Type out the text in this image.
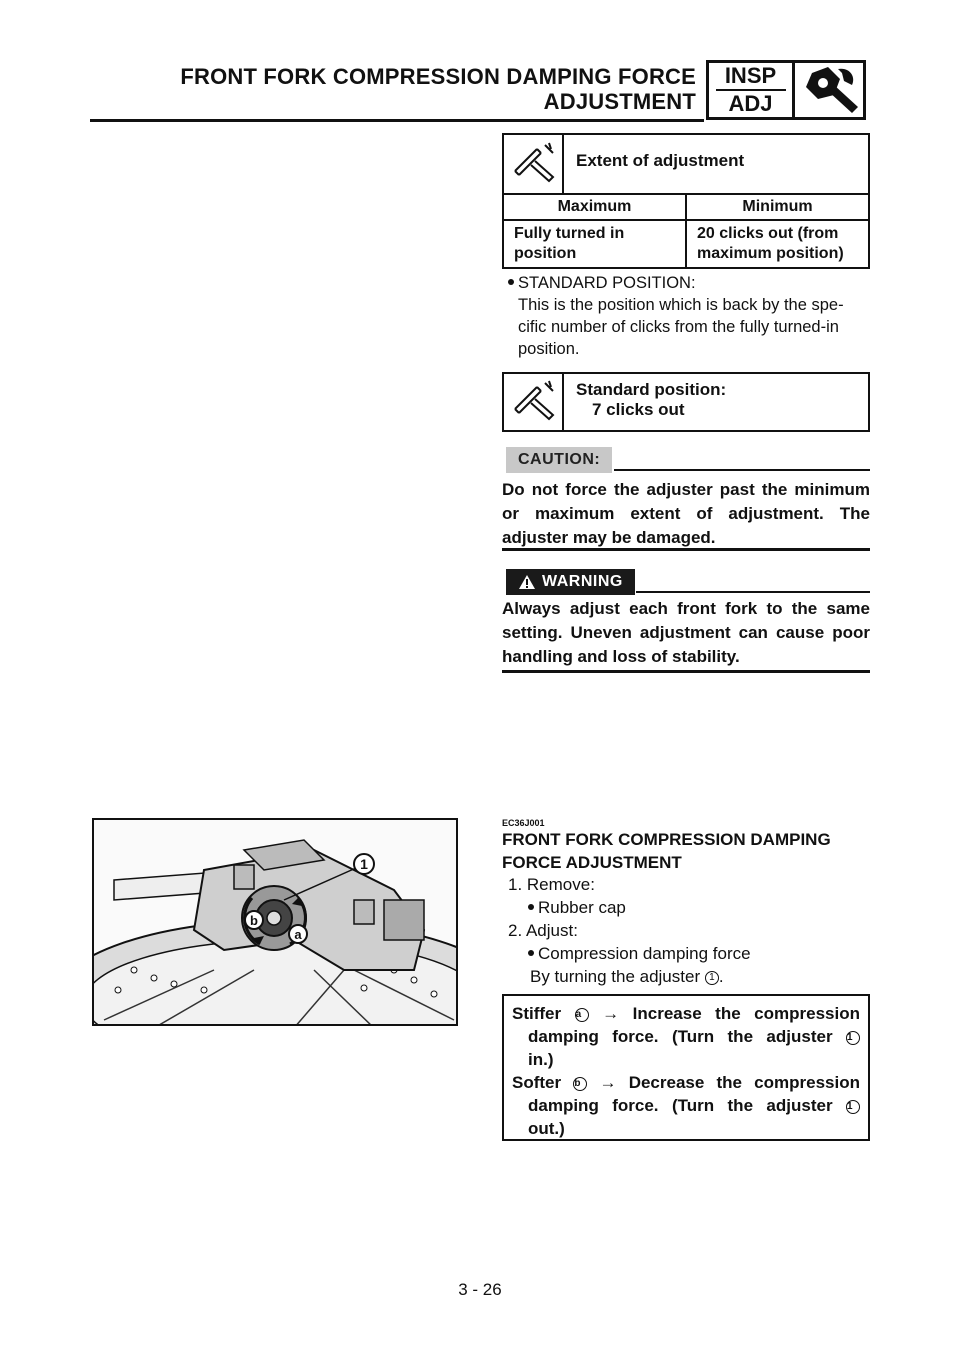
FRONT FORK COMPRESSION DAMPING FORCE
ADJUSTMENT
INSP
ADJ
Extent of adjustment
Maximum	Minimum
Fully turned in
position
20 clicks out (from
maximum position)
STANDARD POSITION:
This is the position which is back by the spe-
cific number of clicks from the fully turned-in
position.
Standard position:
7 clicks out
CAUTION:
Do not force the adjuster past the minimum or maximum extent of adjustment. The adjuster may be damaged.
WARNING
Always adjust each front fork to the same setting. Uneven adjustment can cause poor handling and loss of stability.
1
b
a
EC36J001
FRONT FORK COMPRESSION DAMPING
FORCE ADJUSTMENT
1. Remove:
Rubber cap
2. Adjust:
Compression damping force
By turning the adjuster 1 .
Stiffer a → Increase the compression
damping force. (Turn the adjuster 1
in.)
Softer b → Decrease the compression
damping force. (Turn the adjuster 1
out.)
3 - 26
